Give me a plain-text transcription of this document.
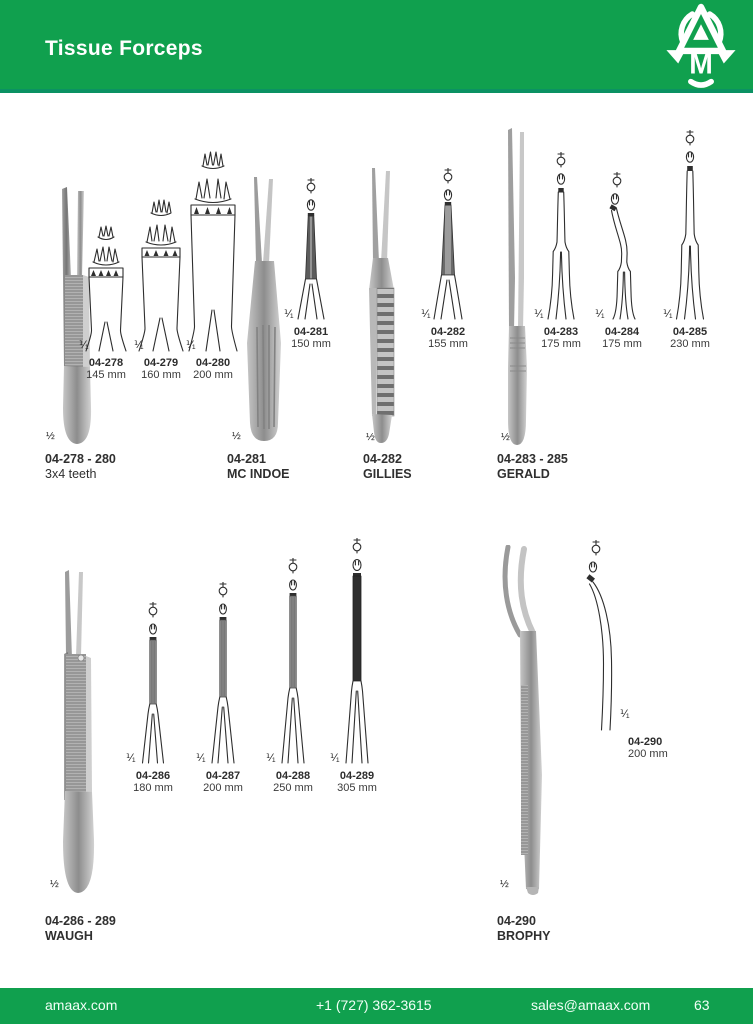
Tissue Forceps	M
⅟₁
04-278
145 mm
⅟₁
04-279
160 mm
⅟₁
04-280
200 mm
⅟₁
04-281
150 mm
⅟₁
04-282
155 mm
⅟₁
04-283
175 mm
⅟₁
04-284
175 mm
⅟₁
04-285
230 mm
½	½	½	½
04-278 - 280
3x4 teeth
04-281
MC INDOE
04-282
GILLIES
04-283 - 285
GERALD
⅟₁
04-286
180 mm
⅟₁
04-287
200 mm
⅟₁
04-288
250 mm
⅟₁
04-289
305 mm
⅟₁
04-290
200 mm
½	½
04-286 - 289
WAUGH
04-290
BROPHY
amaax.com	+1 (727) 362-3615	sales@amaax.com	63
